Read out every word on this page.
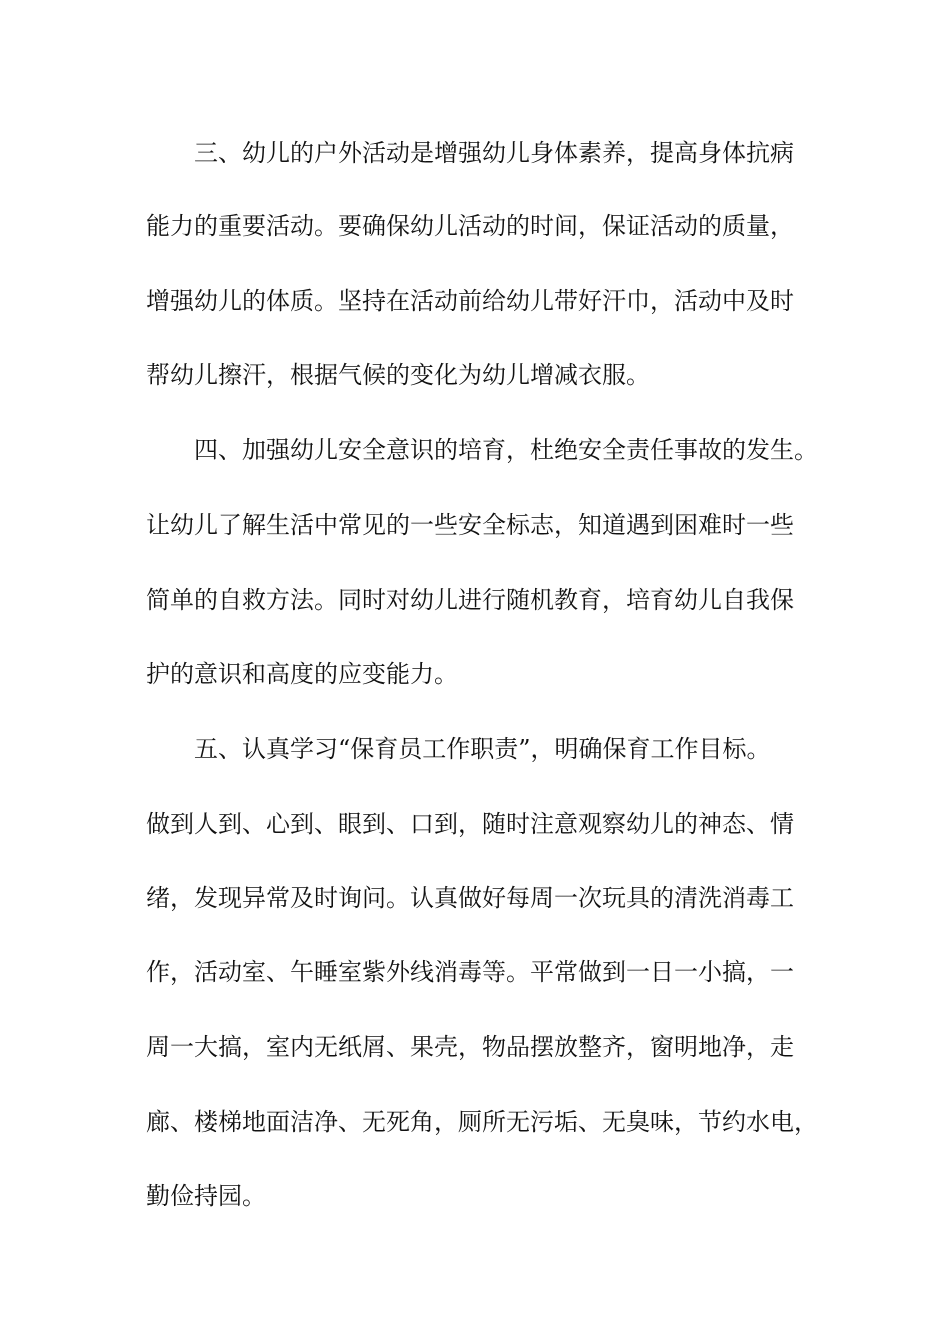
三、幼儿的户外活动是增强幼儿身体素养，提高身体抗病
能力的重要活动。要确保幼儿活动的时间，保证活动的质量，
增强幼儿的体质。坚持在活动前给幼儿带好汗巾，活动中及时
帮幼儿擦汗，根据气候的变化为幼儿增减衣服。
四、加强幼儿安全意识的培育，杜绝安全责任事故的发生。
让幼儿了解生活中常见的一些安全标志，知道遇到困难时一些
简单的自救方法。同时对幼儿进行随机教育，培育幼儿自我保
护的意识和高度的应变能力。
五、认真学习“保育员工作职责”，明确保育工作目标。
做到人到、心到、眼到、口到，随时注意观察幼儿的神态、情
绪，发现异常及时询问。认真做好每周一次玩具的清洗消毒工
作，活动室、午睡室紫外线消毒等。平常做到一日一小搞，一
周一大搞，室内无纸屑、果壳，物品摆放整齐，窗明地净，走
廊、楼梯地面洁净、无死角，厕所无污垢、无臭味，节约水电，
勤俭持园。
